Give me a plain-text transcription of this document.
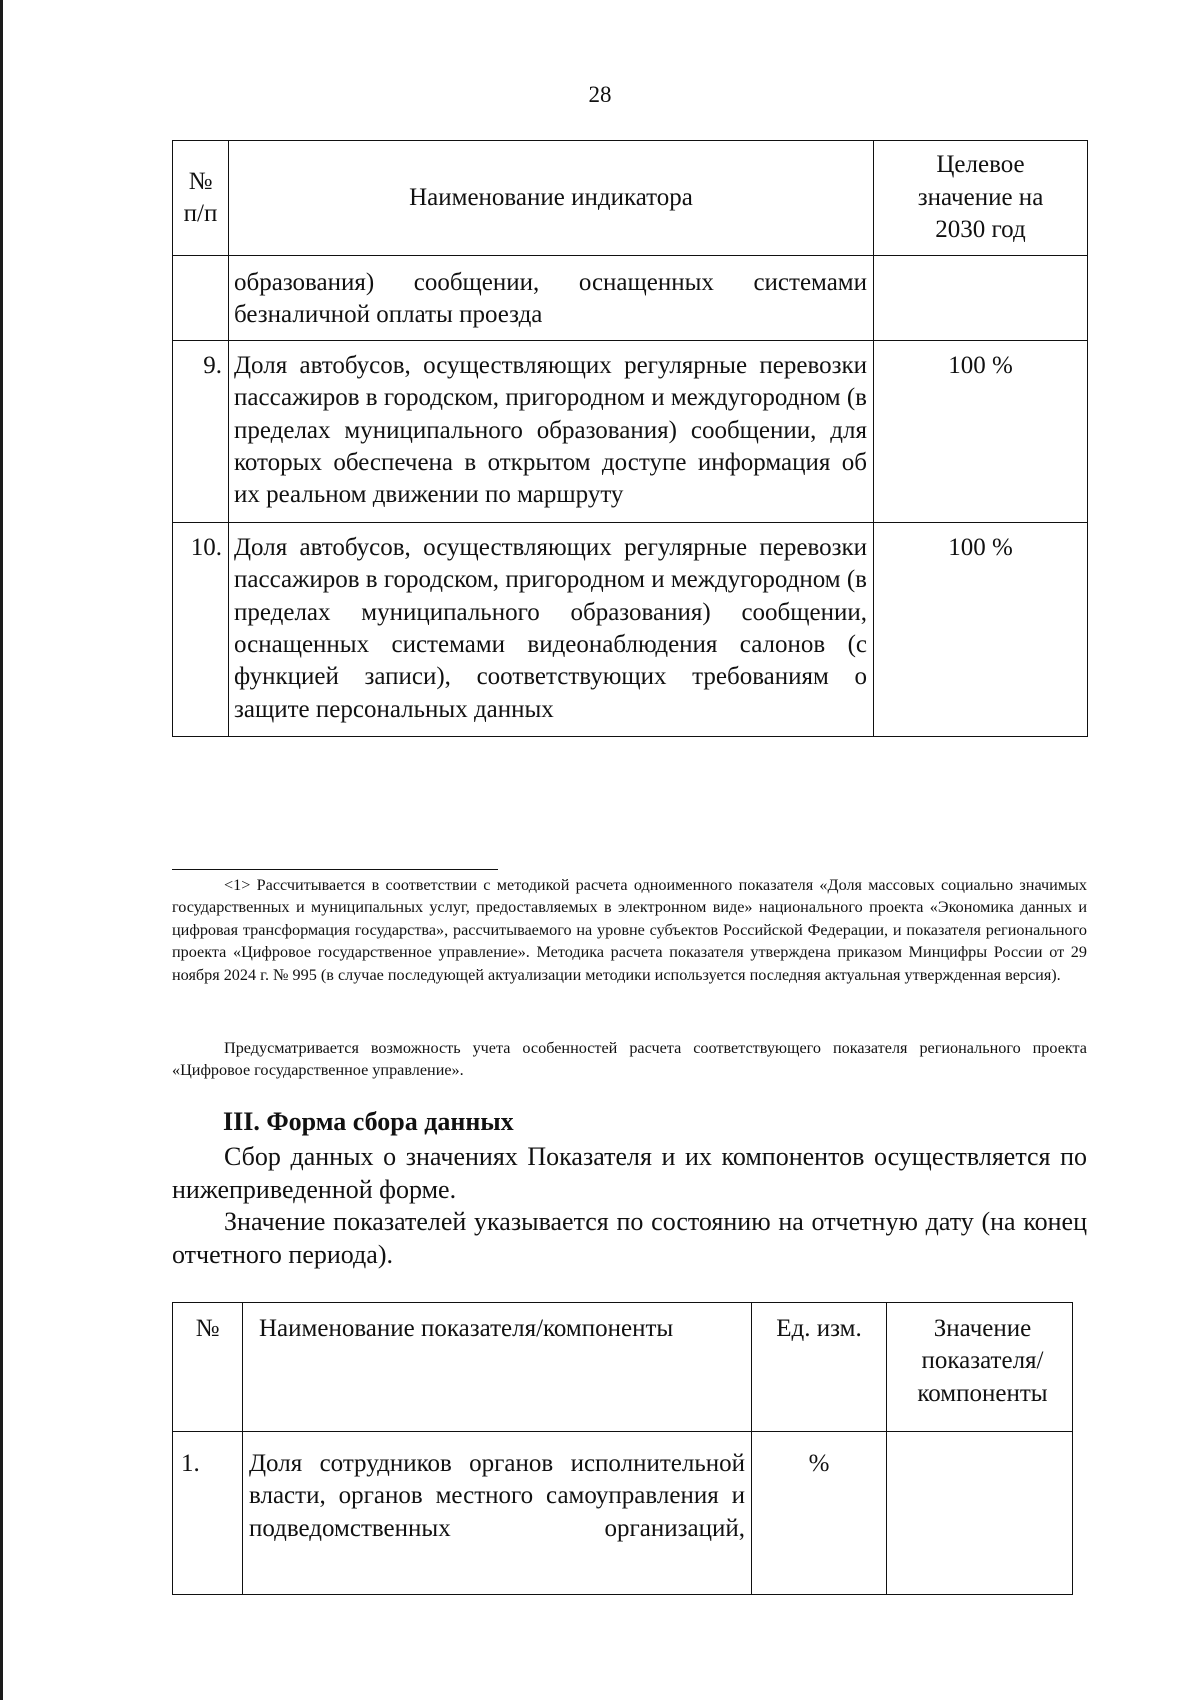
28
№ п/п	Наименование индикатора	Целевое значение на 2030 год
	образования) сообщении, оснащенных системами безналичной оплаты проезда	
9.	Доля автобусов, осуществляющих регулярные перевозки пассажиров в городском, пригородном и междугородном (в пределах муниципального образования) сообщении, для которых обеспечена в открытом доступе информация об их реальном движении по маршруту	100 %
10.	Доля автобусов, осуществляющих регулярные перевозки пассажиров в городском, пригородном и междугородном (в пределах муниципального образования) сообщении, оснащенных системами видеонаблюдения салонов (с функцией записи), соответствующих требованиям о защите персональных данных	100 %

<1> Рассчитывается в соответствии с методикой расчета одноименного показателя «Доля массовых социально значимых государственных и муниципальных услуг, предоставляемых в электронном виде» национального проекта «Экономика данных и цифровая трансформация государства», рассчитываемого на уровне субъектов Российской Федерации, и показателя регионального проекта «Цифровое государственное управление». Методика расчета показателя утверждена приказом Минцифры России от 29 ноября 2024 г. № 995 (в случае последующей актуализации методики используется последняя актуальная утвержденная версия).

Предусматривается возможность учета особенностей расчета соответствующего показателя регионального проекта «Цифровое государственное управление».

III. Форма сбора данных

Сбор данных о значениях Показателя и их компонентов осуществляется по нижеприведенной форме.

Значение показателей указывается по состоянию на отчетную дату (на конец отчетного периода).

№	Наименование показателя/компоненты	Ед. изм.	Значение показателя/ компоненты
1.	Доля сотрудников органов исполнительной власти, органов местного самоуправления и подведомственных организаций,	%	
